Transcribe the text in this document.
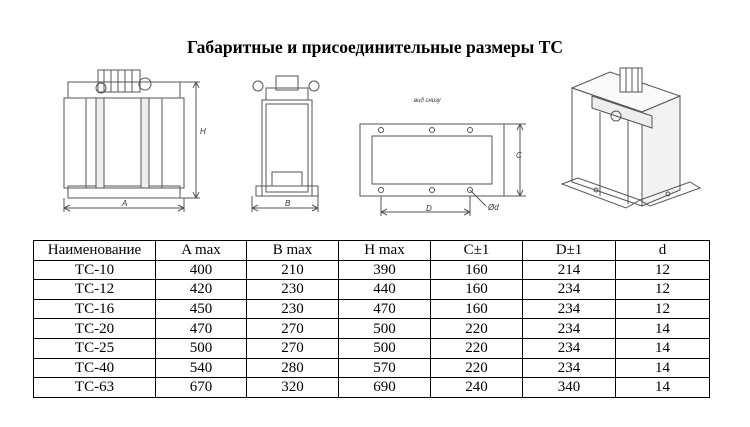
Габаритные и присоединительные размеры ТС
A
H
B
вид снизу
C
D	Ød
Наименование	A max	B max	H max	C±1	D±1	d
ТС-10	400	210	390	160	214	12
ТС-12	420	230	440	160	234	12
ТС-16	450	230	470	160	234	12
ТС-20	470	270	500	220	234	14
ТС-25	500	270	500	220	234	14
ТС-40	540	280	570	220	234	14
ТС-63	670	320	690	240	340	14
